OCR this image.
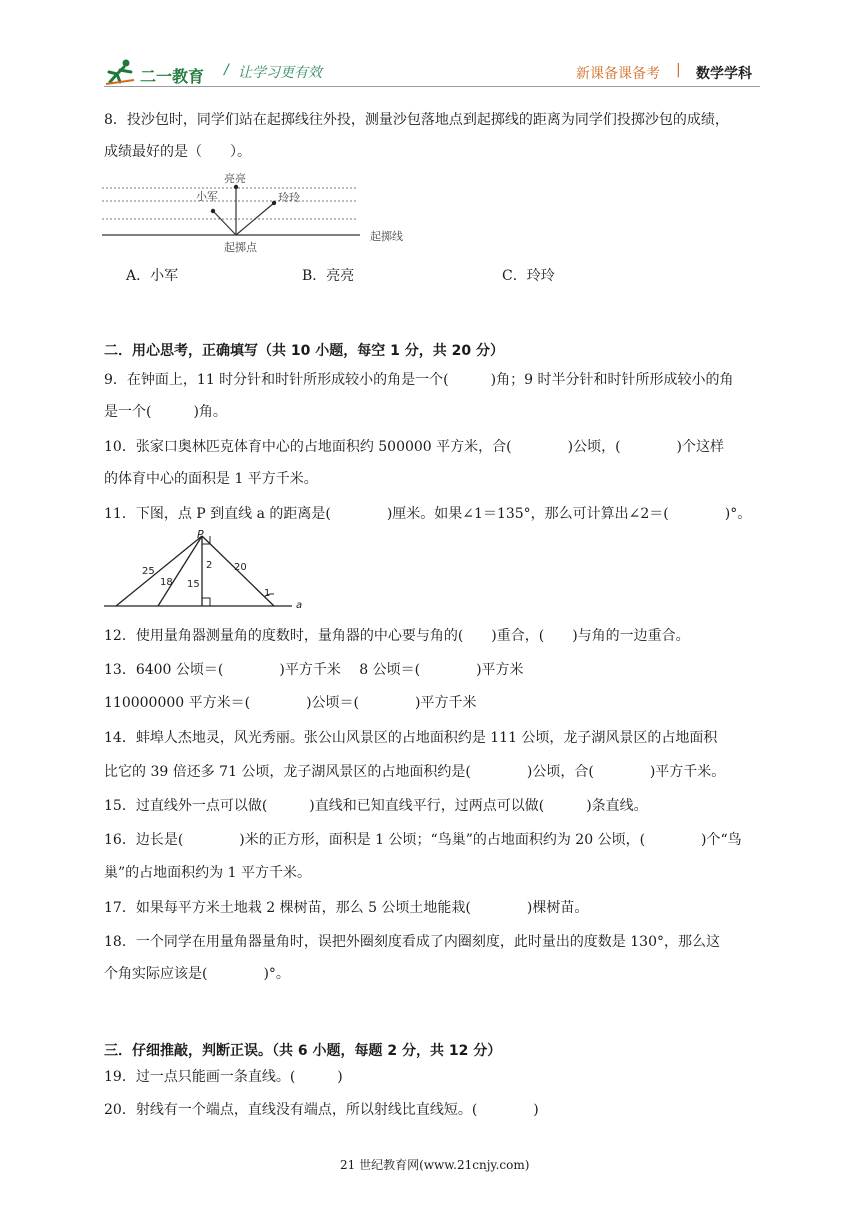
二一教育 / 让学习更有效	新课备课备考 | 数学学科
8．投沙包时，同学们站在起掷线往外投，测量沙包落地点到起掷线的距离为同学们投掷沙包的成绩，
成绩最好的是（　　）。
亮亮
小军	玲玲
起掷点
起掷线
A．小军	B．亮亮	C．玲玲
二．用心思考，正确填写（共 10 小题，每空 1 分，共 20 分）
9．在钟面上，11 时分针和时针所形成较小的角是一个(　　　)角；9 时半分针和时针所形成较小的角
是一个(　　　)角。
10．张家口奥林匹克体育中心的占地面积约 500000 平方米，合(　　　　)公顷，(　　　　)个这样
的体育中心的面积是 1 平方千米。
11．下图，点 P 到直线 a 的距离是(　　　　)厘米。如果∠1＝135°，那么可计算出∠2＝(　　　　)°。
P
a
25
18 15
2 20
1
12．使用量角器测量角的度数时，量角器的中心要与角的(　　)重合，(　　)与角的一边重合。
13．6400 公顷＝(　　　　)平方千米　 8 公顷＝(　　　　)平方米
110000000 平方米＝(　　　　)公顷＝(　　　　)平方千米
14．蚌埠人杰地灵，风光秀丽。张公山风景区的占地面积约是 111 公顷，龙子湖风景区的占地面积
比它的 39 倍还多 71 公顷，龙子湖风景区的占地面积约是(　　　　)公顷，合(　　　　)平方千米。
15．过直线外一点可以做(　　　)直线和已知直线平行，过两点可以做(　　　)条直线。
16．边长是(　　　　)米的正方形，面积是 1 公顷；“鸟巢”的占地面积约为 20 公顷，(　　　　)个“鸟
巢”的占地面积约为 1 平方千米。
17．如果每平方米土地栽 2 棵树苗，那么 5 公顷土地能栽(　　　　)棵树苗。
18．一个同学在用量角器量角时，误把外圈刻度看成了内圈刻度，此时量出的度数是 130°，那么这
个角实际应该是(　　　　)°。
三．仔细推敲，判断正误。（共 6 小题，每题 2 分，共 12 分）
19．过一点只能画一条直线。(　　　)
20．射线有一个端点，直线没有端点，所以射线比直线短。(　　　　)
21 世纪教育网(www.21cnjy.com)
